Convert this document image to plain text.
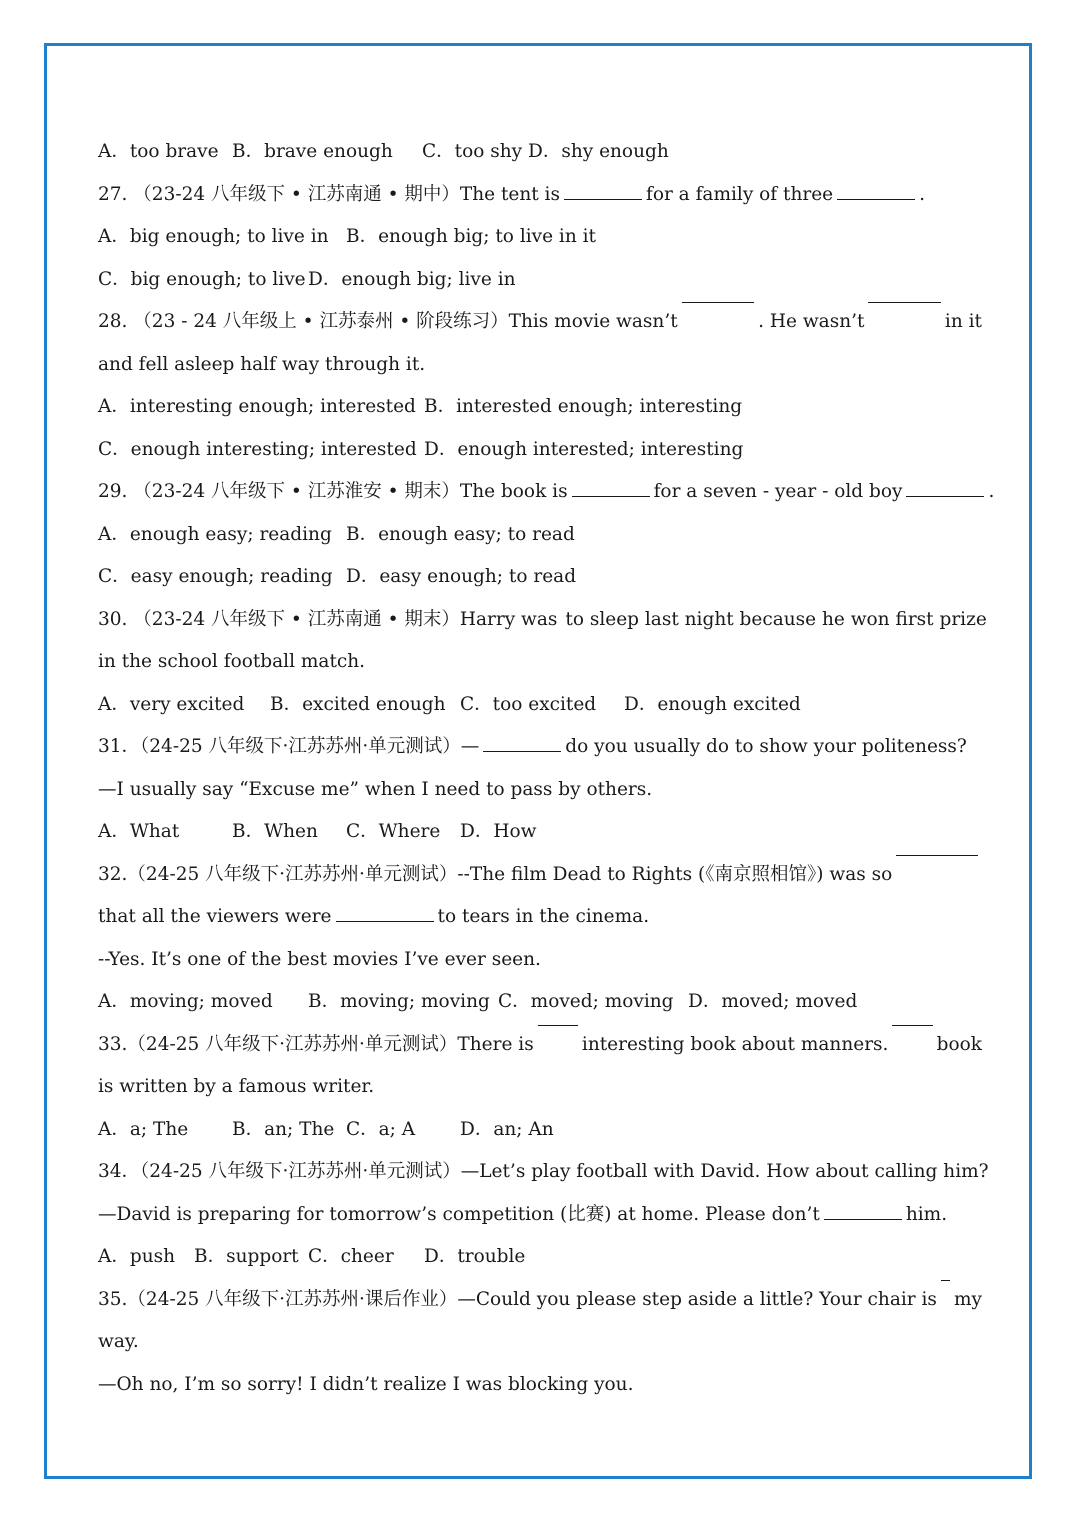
A．too brave B．brave enough C．too shy D．shy enough
27. （23-24 八年级下 • 江苏南通 • 期中）The tent is	for a family of three	.
A．big enough; to live in B．enough big; to live in it
C．big enough; to live D．enough big; live in
28. （23 - 24 八年级上 • 江苏泰州 • 阶段练习）This movie wasn’t	. He wasn’t	in it
and fell asleep half way through it.
A．interesting enough; interested B．interested enough; interesting
C．enough interesting; interested D．enough interested; interesting
29. （23-24 八年级下 • 江苏淮安 • 期末）The book is	for a seven - year - old boy	.
A．enough easy; reading B．enough easy; to read
C．easy enough; reading D．easy enough; to read
30. （23-24 八年级下 • 江苏南通 • 期末）Harry was to sleep last night because he won first prize
in the school football match.
A．very excited B．excited enough C．too excited D．enough excited
31．（24-25 八年级下·江苏苏州·单元测试）—	do you usually do to show your politeness?
—I usually say “Excuse me” when I need to pass by others.
A．What	B．When C．Where D．How
32.（24-25 八年级下·江苏苏州·单元测试）--The film Dead to Rights (《南京照相馆》) was so
that all the viewers were	to tears in the cinema.
--Yes. It’s one of the best movies I’ve ever seen.
A．moving; moved B．moving; moving C．moved; moving D．moved; moved
33.（24-25 八年级下·江苏苏州·单元测试）There is	interesting book about manners.	book
is written by a famous writer.
A．a; The B．an; The C．a; A D．an; An
34．（24-25 八年级下·江苏苏州·单元测试）—Let’s play football with David. How about calling him?
—David is preparing for tomorrow’s competition (比赛) at home. Please don’t	him.
A．push B．support C．cheer D．trouble
35.（24-25 八年级下·江苏苏州·课后作业）—Could you please step aside a little? Your chair is my
way.
—Oh no, I’m so sorry! I didn’t realize I was blocking you.
